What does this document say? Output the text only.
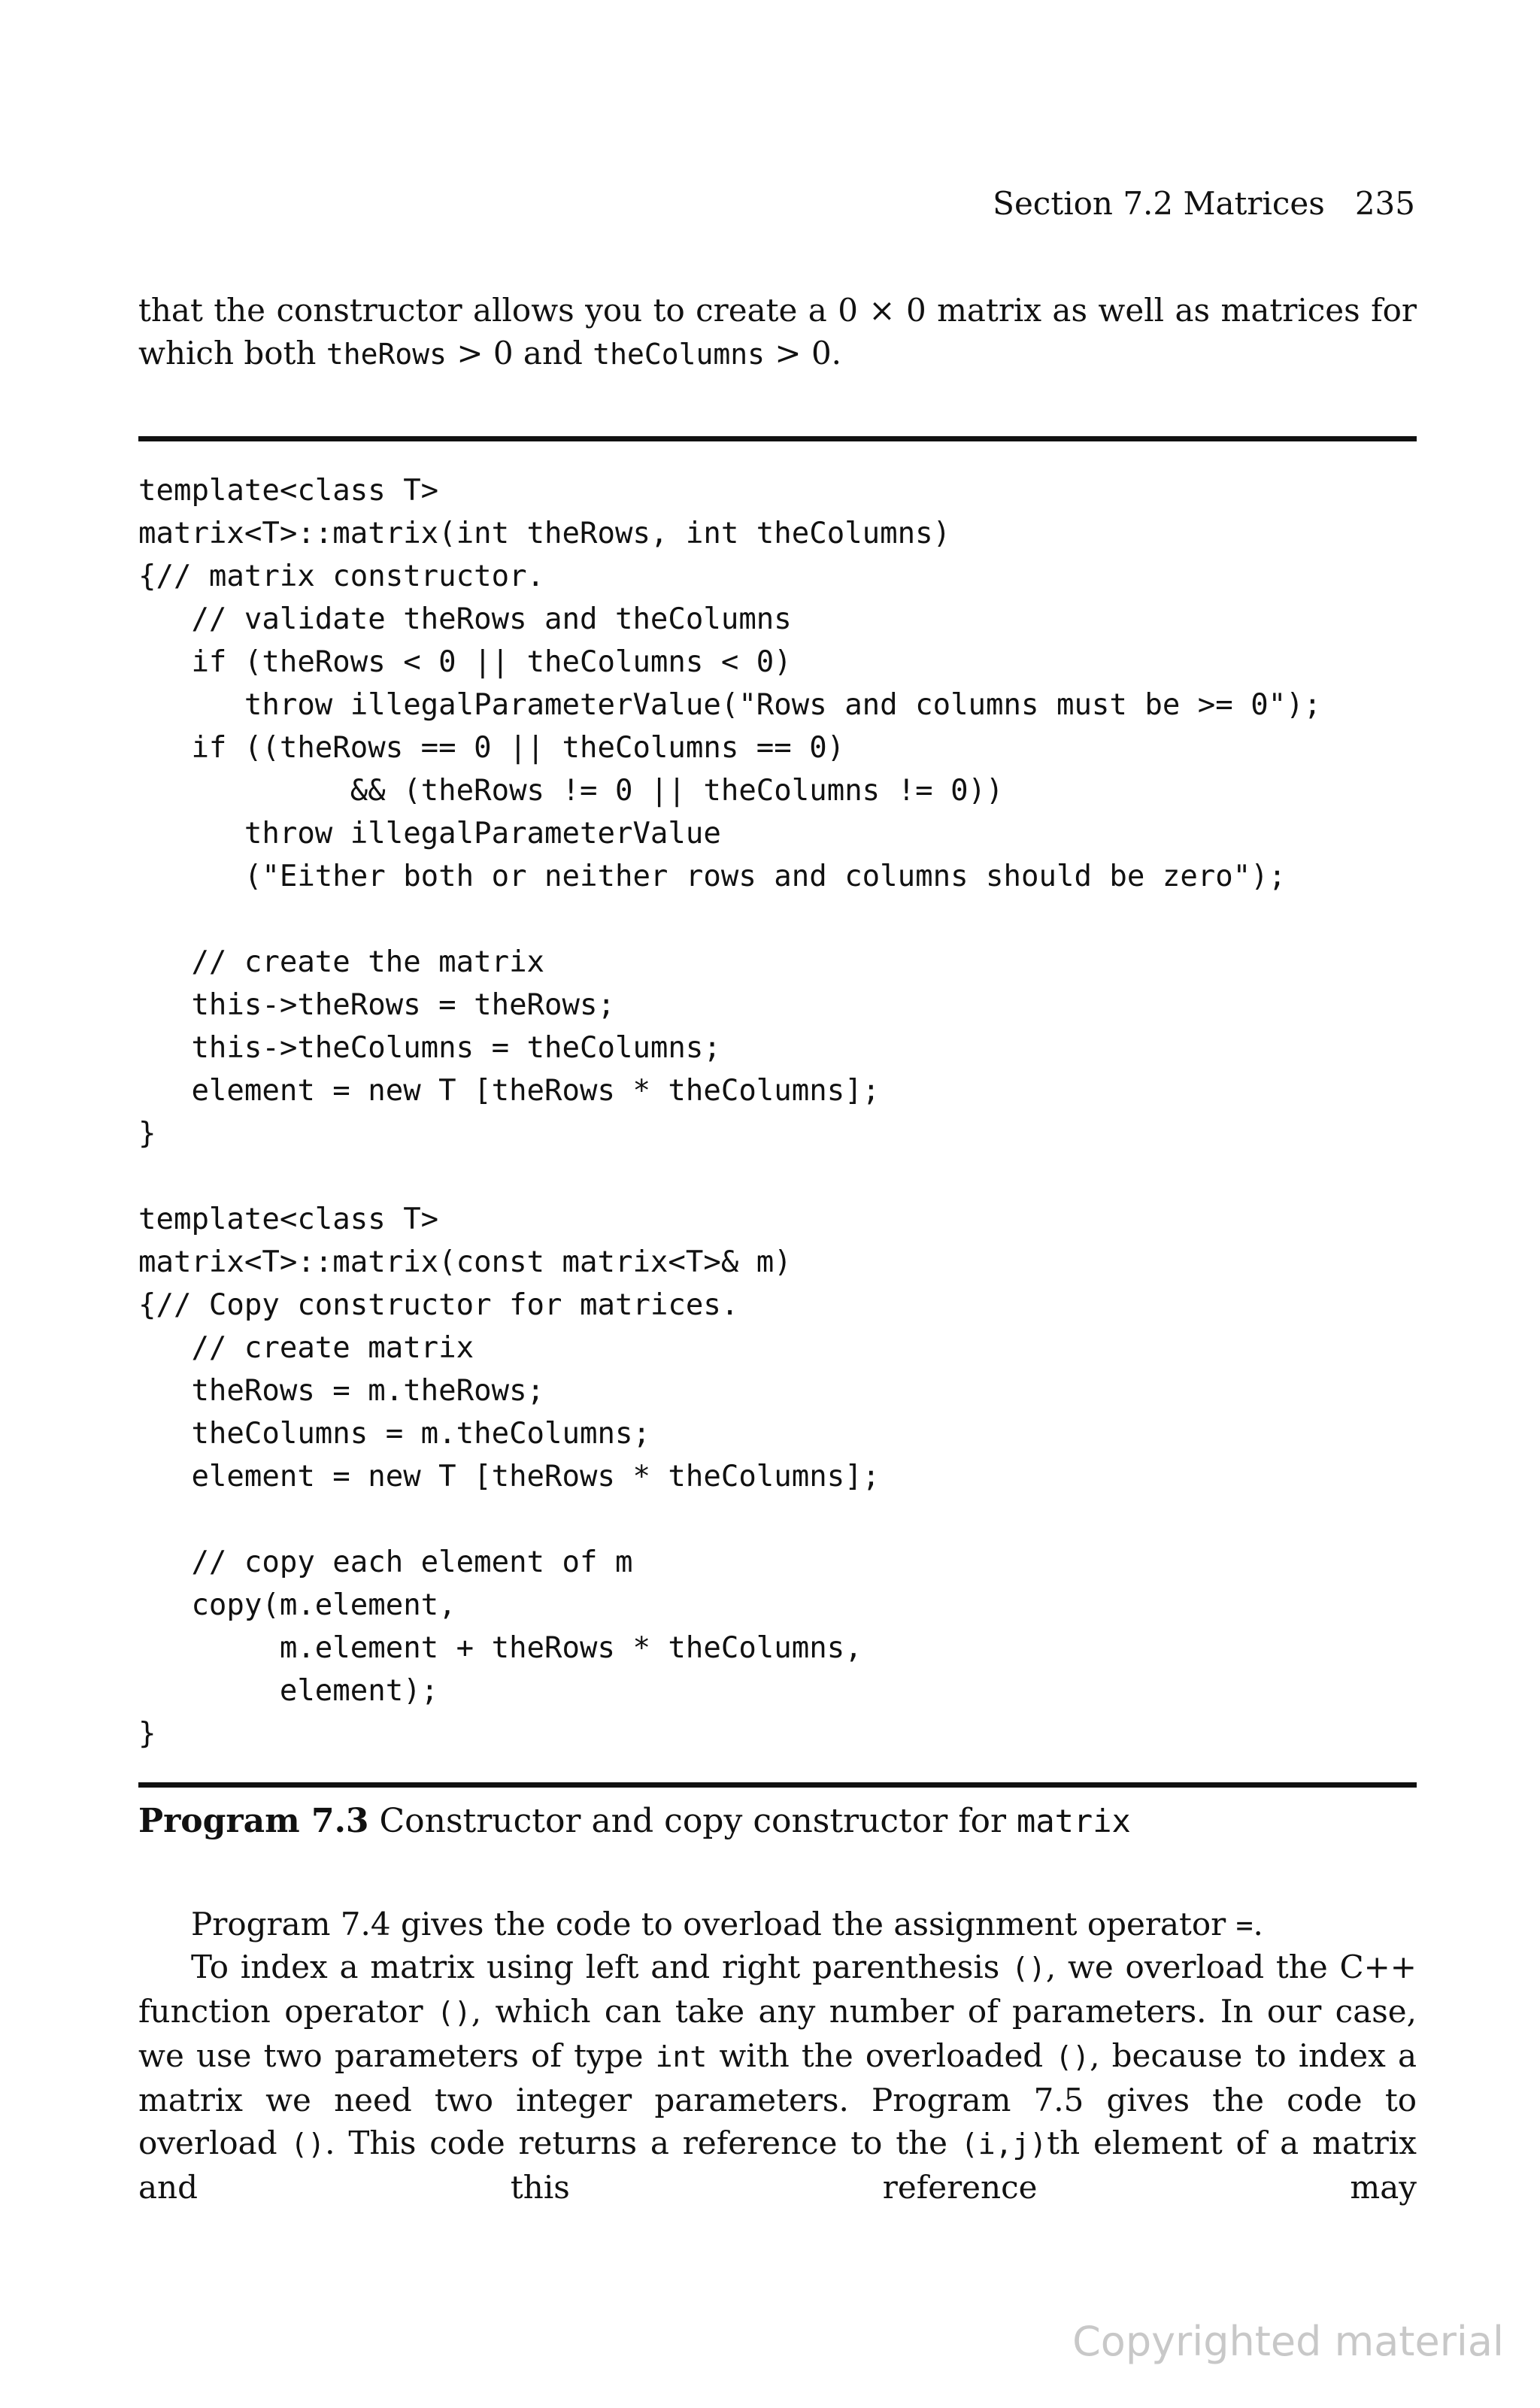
Section 7.2 Matrices 235

that the constructor allows you to create a 0 × 0 matrix as well as matrices for which both theRows > 0 and theColumns > 0.

template<class T>
matrix<T>::matrix(int theRows, int theColumns)
{// matrix constructor.
// validate theRows and theColumns
if (theRows < 0 || theColumns < 0)
throw illegalParameterValue("Rows and columns must be >= 0");
if ((theRows == 0 || theColumns == 0)
&& (theRows != 0 || theColumns != 0))
throw illegalParameterValue
("Either both or neither rows and columns should be zero");
// create the matrix
this->theRows = theRows;
this->theColumns = theColumns;
element = new T [theRows * theColumns];
}
template<class T>
matrix<T>::matrix(const matrix<T>& m)
{// Copy constructor for matrices.
// create matrix
theRows = m.theRows;
theColumns = m.theColumns;
element = new T [theRows * theColumns];
// copy each element of m
copy(m.element,
m.element + theRows * theColumns,
element);
}
Program 7.3 Constructor and copy constructor for matrix

Program 7.4 gives the code to overload the assignment operator =.

To index a matrix using left and right parenthesis (), we overload the C++ function operator (), which can take any number of parameters. In our case, we use two parameters of type int with the overloaded (), because to index a matrix we need two integer parameters. Program 7.5 gives the code to overload (). This code returns a reference to the (i,j)th element of a matrix and this reference may

Copyrighted material
